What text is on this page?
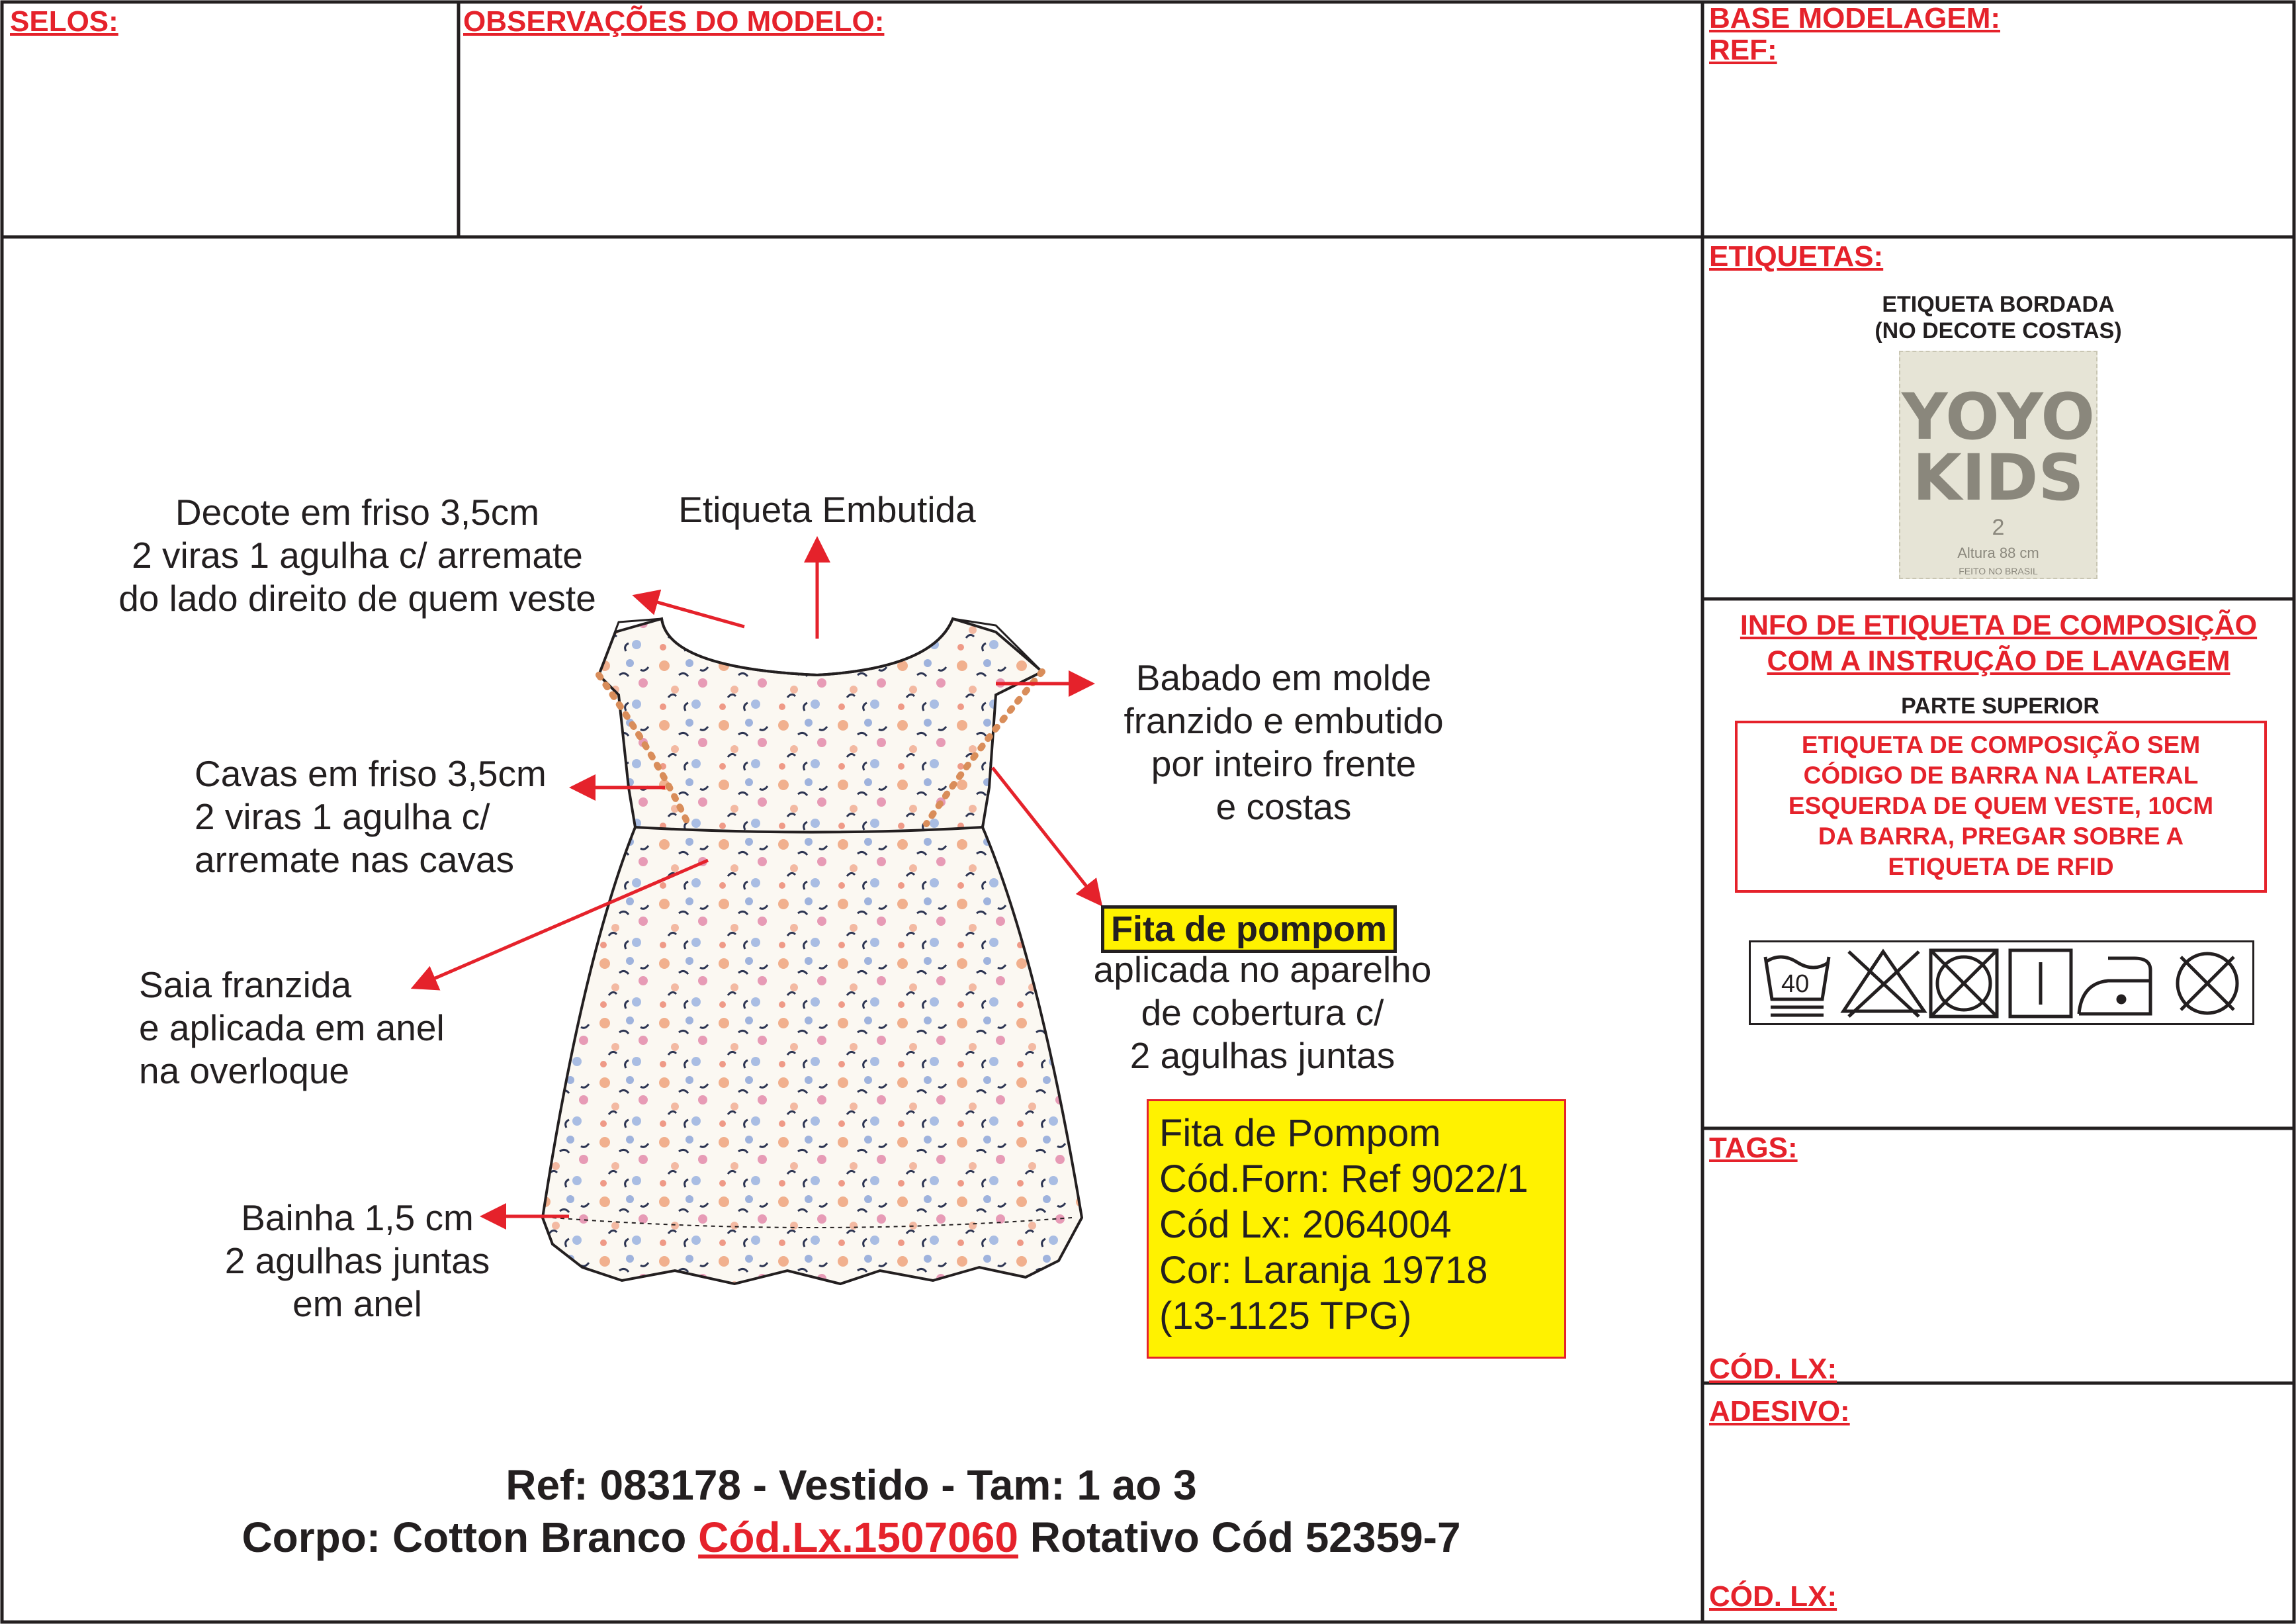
SELOS:	OBSERVAÇÕES DO MODELO:	BASE MODELAGEM:
REF:
ETIQUETAS:
ETIQUETA BORDADA
(NO DECOTE COSTAS)
YOYO
KIDS
2
Altura 88 cm
FEITO NO BRASIL
INFO DE ETIQUETA DE COMPOSIÇÃO
COM A INSTRUÇÃO DE LAVAGEM
PARTE SUPERIOR
ETIQUETA DE COMPOSIÇÃO SEM
CÓDIGO DE BARRA NA LATERAL
ESQUERDA DE QUEM VESTE, 10CM
DA BARRA, PREGAR SOBRE A
ETIQUETA DE RFID
40
TAGS:
CÓD. LX:
ADESIVO:
CÓD. LX:
Decote em friso 3,5cm
2 viras 1 agulha c/ arremate
do lado direito de quem veste
Etiqueta Embutida
Babado em molde
franzido e embutido
por inteiro frente
e costas
Cavas em friso 3,5cm
2 viras 1 agulha c/
arremate nas cavas
Fita de pompom
aplicada no aparelho
de cobertura c/
2 agulhas juntas
Saia franzida
e aplicada em anel
na overloque
Bainha 1,5 cm
2 agulhas juntas
em anel
Fita de Pompom
Cód.Forn: Ref 9022/1
Cód Lx: 2064004
Cor: Laranja 19718
(13-1125 TPG)
Ref: 083178 - Vestido - Tam: 1 ao 3
Corpo: Cotton Branco Cód.Lx.1507060 Rotativo Cód 52359-7
